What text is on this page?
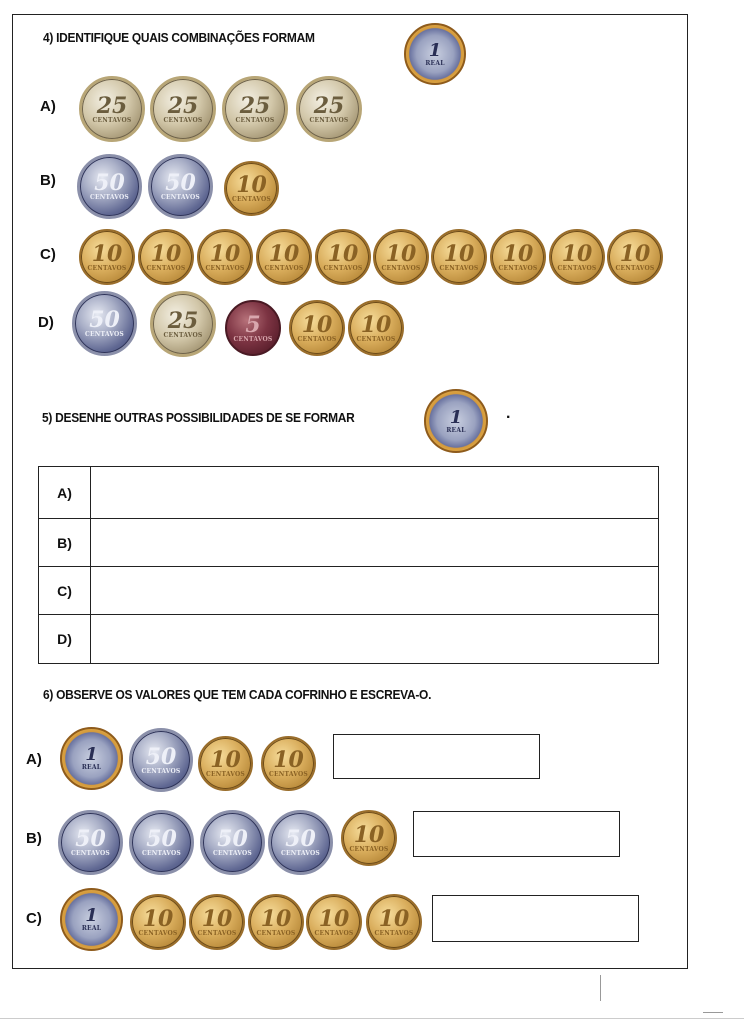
4) IDENTIFIQUE QUAIS COMBINAÇÕES FORMAM
1
REAL
A) 25
CENTAVOS
25
CENTAVOS
25
CENTAVOS
25
CENTAVOS
B) 50
CENTAVOS
50
CENTAVOS 10
CENTAVOS
C) 10
CENTAVOS
10
CENTAVOS
10
CENTAVOS
10
CENTAVOS
10
CENTAVOS
10
CENTAVOS
10
CENTAVOS
10
CENTAVOS
10
CENTAVOS
10
CENTAVOS
D) 50
CENTAVOS
25
CENTAVOS 5
CENTAVOS
10
CENTAVOS
10
CENTAVOS
5) DESENHE OUTRAS POSSIBILIDADES DE SE FORMAR	1
REAL
.
A)
B)
C)
D)
6) OBSERVE OS VALORES QUE TEM CADA COFRINHO E ESCREVA-O.
A) 1
REAL 50
CENTAVOS 10
CENTAVOS
10
CENTAVOS
B) 50
CENTAVOS
50
CENTAVOS
50
CENTAVOS
50
CENTAVOS
10
CENTAVOS
C) 1
REAL 10
CENTAVOS
10
CENTAVOS
10
CENTAVOS
10
CENTAVOS
10
CENTAVOS
